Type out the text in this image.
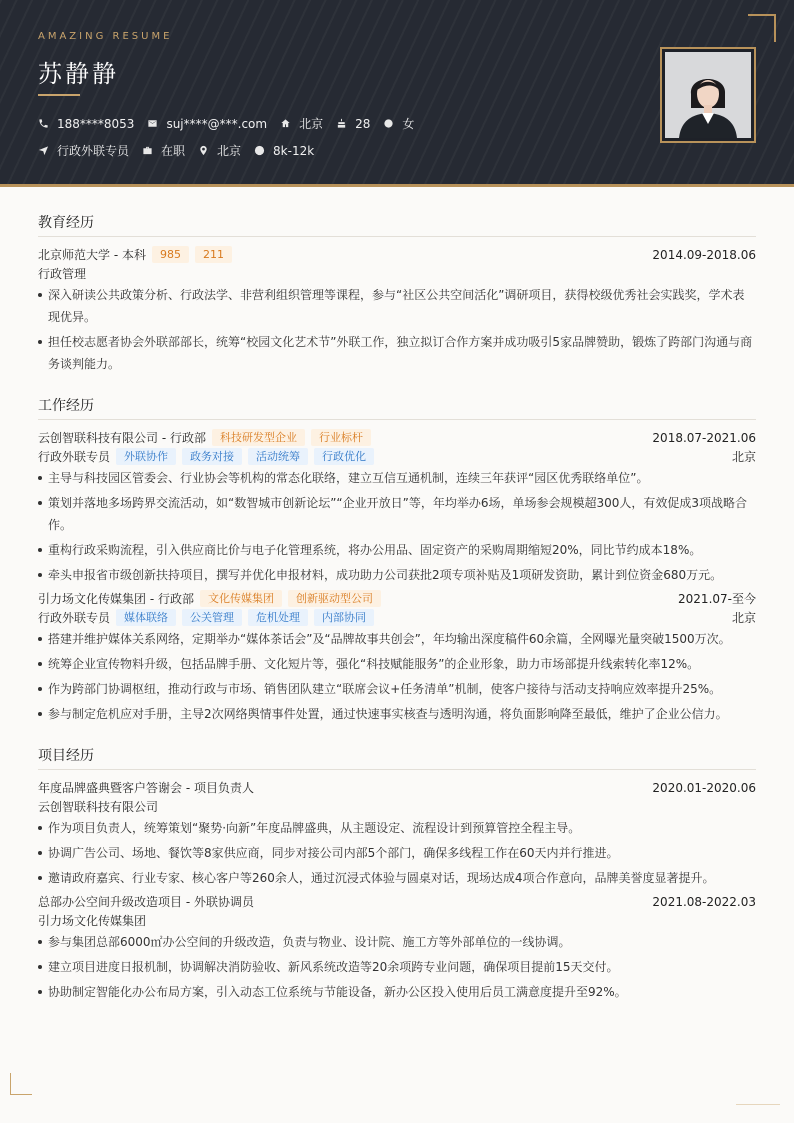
AMAZING RESUME
苏静静
188****8053	suj****@***.com	北京	28	女
行政外联专员	在职	北京	8k-12k
教育经历
北京师范大学 - 本科	985	211	2014.09-2018.06
行政管理
深入研读公共政策分析、行政法学、非营利组织管理等课程，参与“社区公共空间活化”调研项目，获得校级优秀社会实践奖，学术表现优异。
担任校志愿者协会外联部部长，统筹“校园文化艺术节”外联工作，独立拟订合作方案并成功吸引5家品牌赞助，锻炼了跨部门沟通与商务谈判能力。
工作经历
云创智联科技有限公司 - 行政部	科技研发型企业	行业标杆	2018.07-2021.06
行政外联专员	外联协作	政务对接	活动统筹	行政优化	北京
主导与科技园区管委会、行业协会等机构的常态化联络，建立互信互通机制，连续三年获评“园区优秀联络单位”。
策划并落地多场跨界交流活动，如“数智城市创新论坛”“企业开放日”等，年均举办6场，单场参会规模超300人，有效促成3项战略合作。
重构行政采购流程，引入供应商比价与电子化管理系统，将办公用品、固定资产的采购周期缩短20%，同比节约成本18%。
牵头申报省市级创新扶持项目，撰写并优化申报材料，成功助力公司获批2项专项补贴及1项研发资助，累计到位资金680万元。
引力场文化传媒集团 - 行政部	文化传媒集团	创新驱动型公司	2021.07-至今
行政外联专员	媒体联络	公关管理	危机处理	内部协同	北京
搭建并维护媒体关系网络，定期举办“媒体茶话会”及“品牌故事共创会”，年均输出深度稿件60余篇，全网曝光量突破1500万次。
统筹企业宣传物料升级，包括品牌手册、文化短片等，强化“科技赋能服务”的企业形象，助力市场部提升线索转化率12%。
作为跨部门协调枢纽，推动行政与市场、销售团队建立“联席会议+任务清单”机制，使客户接待与活动支持响应效率提升25%。
参与制定危机应对手册，主导2次网络舆情事件处置，通过快速事实核查与透明沟通，将负面影响降至最低，维护了企业公信力。
项目经历
年度品牌盛典暨客户答谢会 - 项目负责人	2020.01-2020.06
云创智联科技有限公司
作为项目负责人，统筹策划“聚势·向新”年度品牌盛典，从主题设定、流程设计到预算管控全程主导。
协调广告公司、场地、餐饮等8家供应商，同步对接公司内部5个部门，确保多线程工作在60天内并行推进。
邀请政府嘉宾、行业专家、核心客户等260余人，通过沉浸式体验与圆桌对话，现场达成4项合作意向，品牌美誉度显著提升。
总部办公空间升级改造项目 - 外联协调员	2021.08-2022.03
引力场文化传媒集团
参与集团总部6000㎡办公空间的升级改造，负责与物业、设计院、施工方等外部单位的一线协调。
建立项目进度日报机制，协调解决消防验收、新风系统改造等20余项跨专业问题，确保项目提前15天交付。
协助制定智能化办公布局方案，引入动态工位系统与节能设备，新办公区投入使用后员工满意度提升至92%。
